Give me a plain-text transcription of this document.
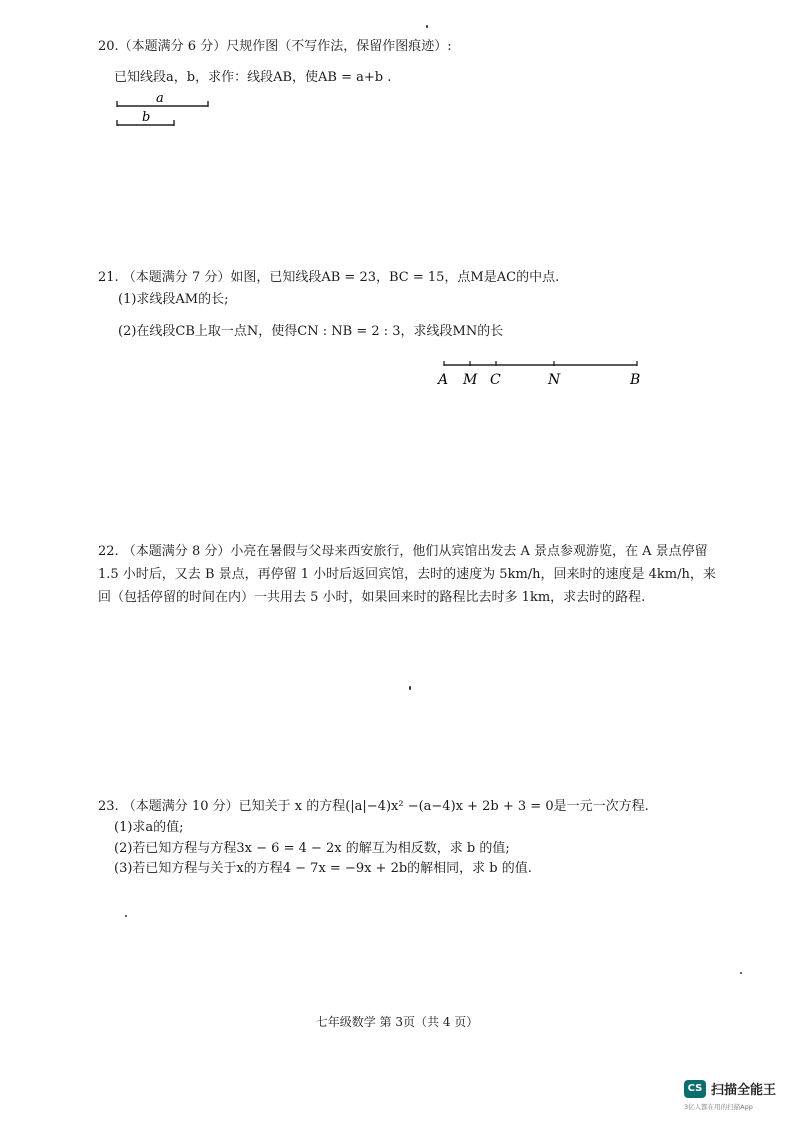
20.（本题满分 6 分）尺规作图（不写作法，保留作图痕迹）:
已知线段a，b，求作：线段AB，使AB = a+b .
a
b
21. （本题满分 7 分）如图，已知线段AB = 23，BC = 15，点M是AC的中点.
(1)求线段AM的长;
(2)在线段CB上取一点N，使得CN : NB = 2 : 3，求线段MN的长
A M C	N	B
22. （本题满分 8 分）小亮在暑假与父母来西安旅行，他们从宾馆出发去 A 景点参观游览，在 A 景点停留
1.5 小时后，又去 B 景点，再停留 1 小时后返回宾馆，去时的速度为 5km/h，回来时的速度是 4km/h，来
回（包括停留的时间在内）一共用去 5 小时，如果回来时的路程比去时多 1km，求去时的路程.
23. （本题满分 10 分）已知关于 x 的方程(|a|−4)x² −(a−4)x + 2b + 3 = 0是一元一次方程.
(1)求a的值;
(2)若已知方程与方程3x − 6 = 4 − 2x 的解互为相反数，求 b 的值;
(3)若已知方程与关于x的方程4 − 7x = −9x + 2b的解相同，求 b 的值.
七年级数学 第 3页（共 4 页）
CS 扫描全能王
3亿人都在用的扫描App
